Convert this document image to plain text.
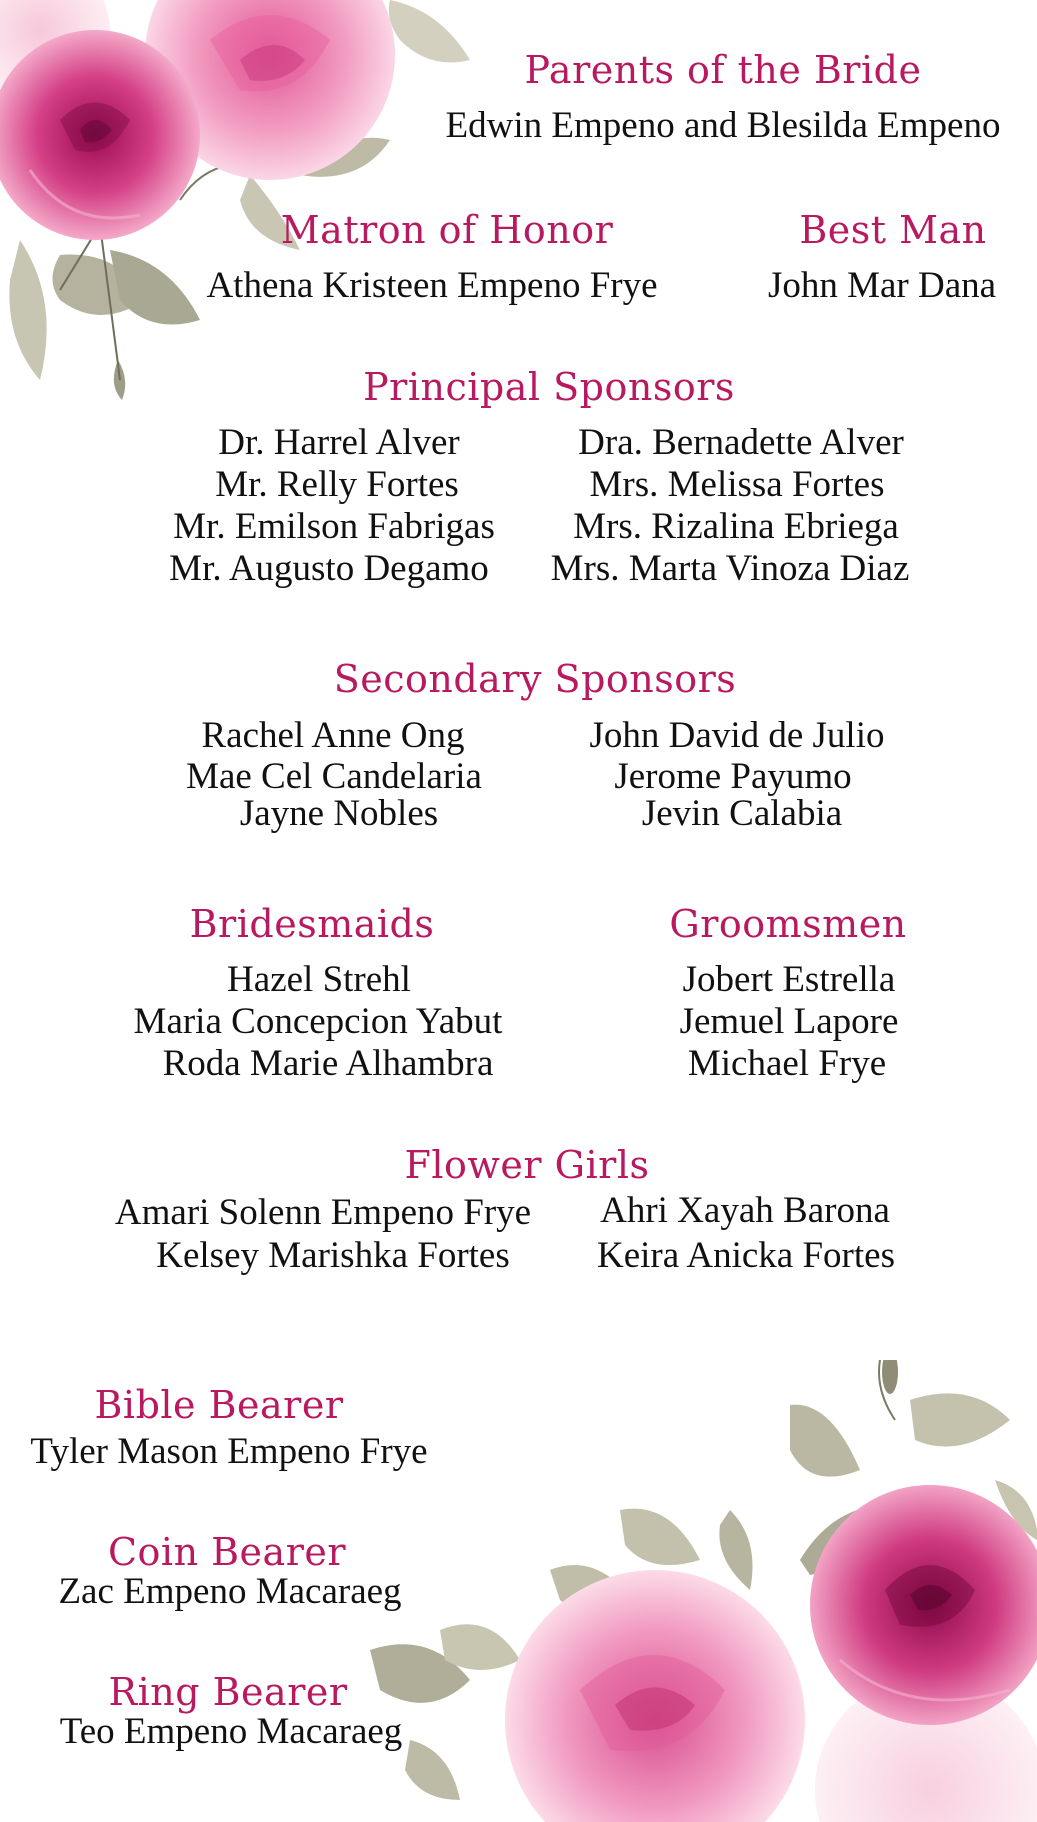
Parents of the Bride
Edwin Empeno and Blesilda Empeno
Matron of Honor
Athena Kristeen Empeno Frye
Best Man
John Mar Dana
Principal Sponsors
Dr. Harrel Alver
Mr. Relly Fortes
Mr. Emilson Fabrigas
Mr. Augusto Degamo
Dra. Bernadette Alver
Mrs. Melissa Fortes
Mrs. Rizalina Ebriega
Mrs. Marta Vinoza Diaz
Secondary Sponsors
Rachel Anne Ong
Mae Cel Candelaria
Jayne Nobles
John David de Julio
Jerome Payumo
Jevin Calabia
Bridesmaids
Hazel Strehl
Maria Concepcion Yabut
Roda Marie Alhambra
Groomsmen
Jobert Estrella
Jemuel Lapore
Michael Frye
Flower Girls
Amari Solenn Empeno Frye
Kelsey Marishka Fortes
Ahri Xayah Barona
Keira Anicka Fortes
Bible Bearer
Tyler Mason Empeno Frye
Coin Bearer
Zac Empeno Macaraeg
Ring Bearer
Teo Empeno Macaraeg
